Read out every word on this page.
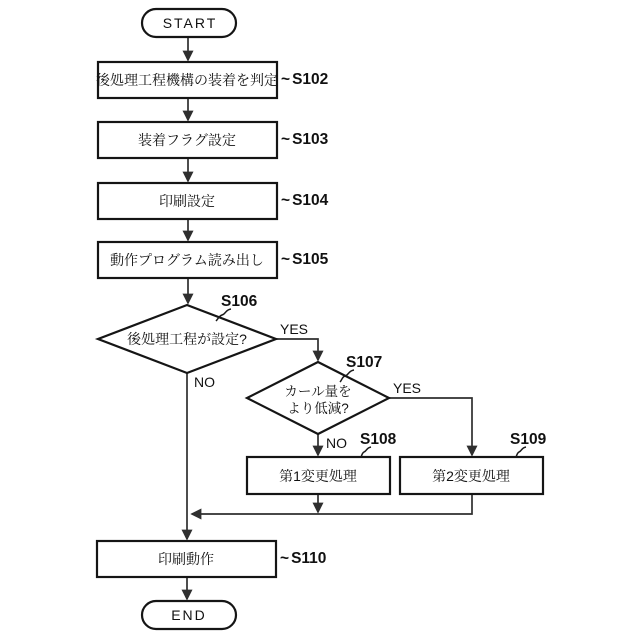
START
後処理工程機構の装着を判定 ~ S102
装着フラグ設定	~ S103
印刷設定	~ S104
動作プログラム読み出し ~ S105
後処理工程が設定?
S106
YES
NO
カール量を
より低減?
S107
YES
NO
第1変更処理
S108
第2変更処理
S109
印刷動作	~ S110
END
